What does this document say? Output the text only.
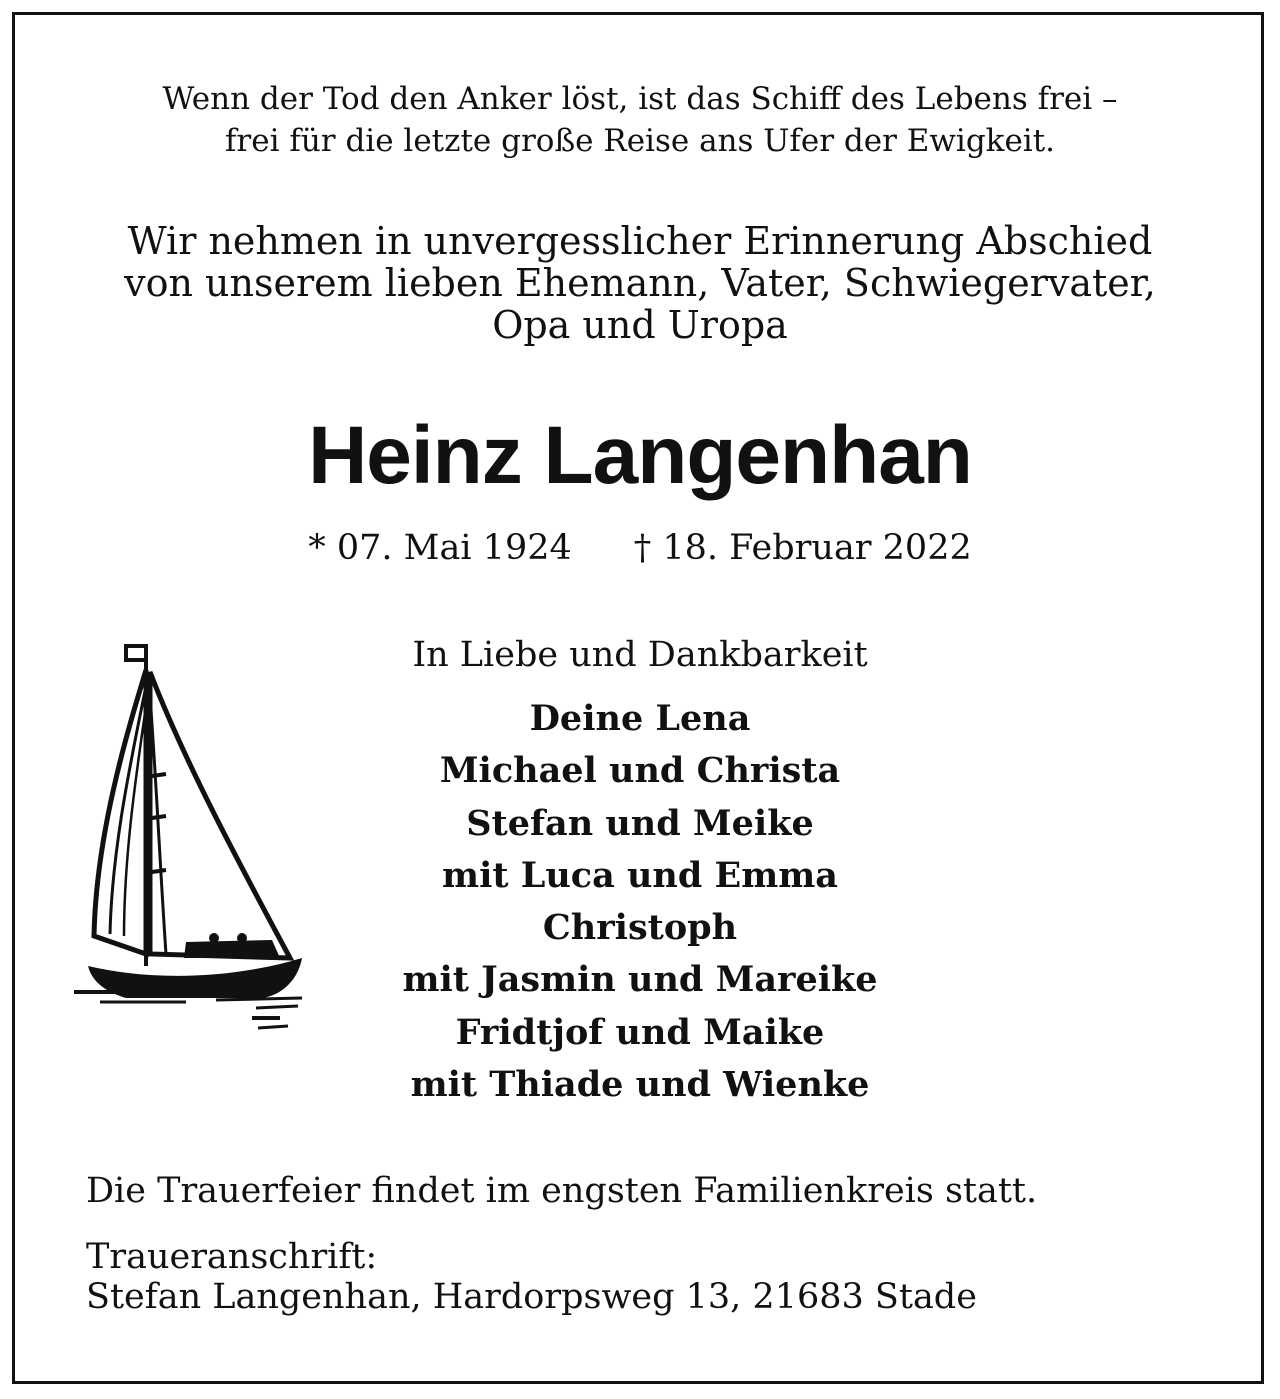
Wenn der Tod den Anker löst, ist das Schiff des Lebens frei –
frei für die letzte große Reise ans Ufer der Ewigkeit.
Wir nehmen in unvergesslicher Erinnerung Abschied
von unserem lieben Ehemann, Vater, Schwiegervater,
Opa und Uropa
Heinz Langenhan
* 07. Mai 1924 † 18. Februar 2022
In Liebe und Dankbarkeit
Deine Lena
Michael und Christa
Stefan und Meike
mit Luca und Emma
Christoph
mit Jasmin und Mareike
Fridtjof und Maike
mit Thiade und Wienke
Die Trauerfeier findet im engsten Familienkreis statt.
Traueranschrift:
Stefan Langenhan, Hardorpsweg 13, 21683 Stade
